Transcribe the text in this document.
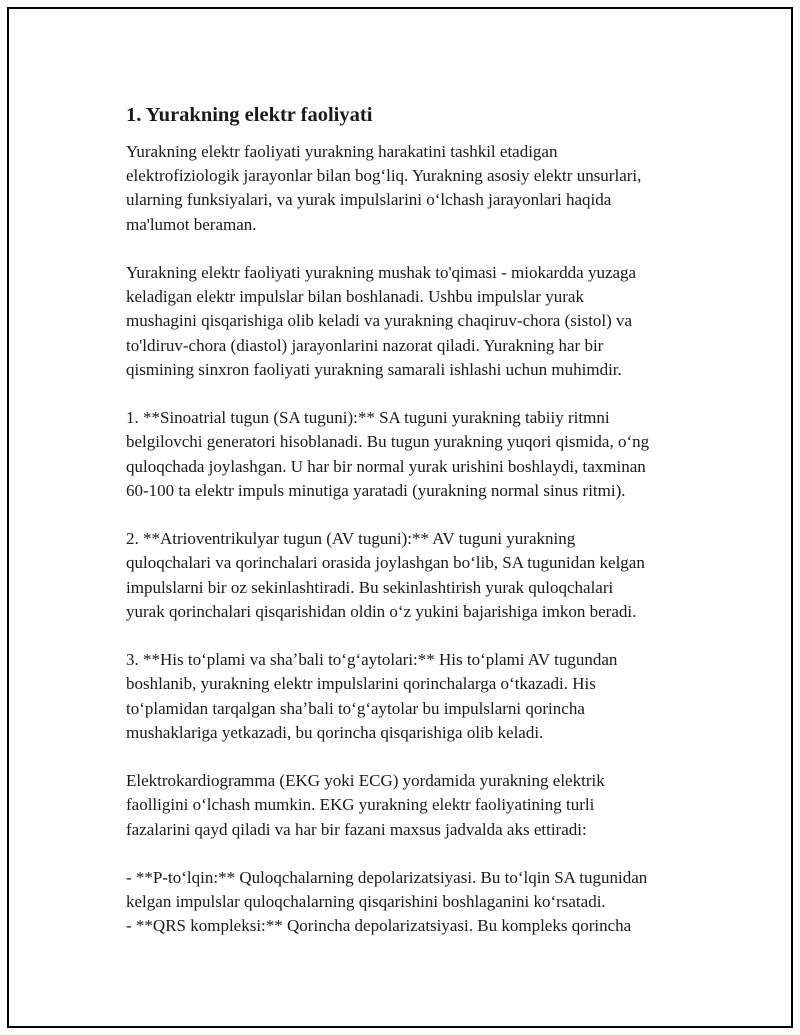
1. Yurakning elektr faoliyati

Yurakning elektr faoliyati yurakning harakatini tashkil etadigan
elektrofiziologik jarayonlar bilan bogʻliq. Yurakning asosiy elektr unsurlari,
ularning funksiyalari, va yurak impulslarini oʻlchash jarayonlari haqida
ma'lumot beraman.

Yurakning elektr faoliyati yurakning mushak to'qimasi - miokardda yuzaga
keladigan elektr impulslar bilan boshlanadi. Ushbu impulslar yurak
mushagini qisqarishiga olib keladi va yurakning chaqiruv-chora (sistol) va
to'ldiruv-chora (diastol) jarayonlarini nazorat qiladi. Yurakning har bir
qismining sinxron faoliyati yurakning samarali ishlashi uchun muhimdir.

1. **Sinoatrial tugun (SA tuguni):** SA tuguni yurakning tabiiy ritmni
belgilovchi generatori hisoblanadi. Bu tugun yurakning yuqori qismida, oʻng
quloqchada joylashgan. U har bir normal yurak urishini boshlaydi, taxminan
60-100 ta elektr impuls minutiga yaratadi (yurakning normal sinus ritmi).

2. **Atrioventrikulyar tugun (AV tuguni):** AV tuguni yurakning
quloqchalari va qorinchalari orasida joylashgan boʻlib, SA tugunidan kelgan
impulslarni bir oz sekinlashtiradi. Bu sekinlashtirish yurak quloqchalari
yurak qorinchalari qisqarishidan oldin oʻz yukini bajarishiga imkon beradi.

3. **His toʻplami va shaʼbali toʻgʻaytolari:** His toʻplami AV tugundan
boshlanib, yurakning elektr impulslarini qorinchalarga oʻtkazadi. His
toʻplamidan tarqalgan shaʼbali toʻgʻaytolar bu impulslarni qorincha
mushaklariga yetkazadi, bu qorincha qisqarishiga olib keladi.

Elektrokardiogramma (EKG yoki ECG) yordamida yurakning elektrik
faolligini oʻlchash mumkin. EKG yurakning elektr faoliyatining turli
fazalarini qayd qiladi va har bir fazani maxsus jadvalda aks ettiradi:

- **P-toʻlqin:** Quloqchalarning depolarizatsiyasi. Bu toʻlqin SA tugunidan
kelgan impulslar quloqchalarning qisqarishini boshlaganini koʻrsatadi.
- **QRS kompleksi:** Qorincha depolarizatsiyasi. Bu kompleks qorincha
